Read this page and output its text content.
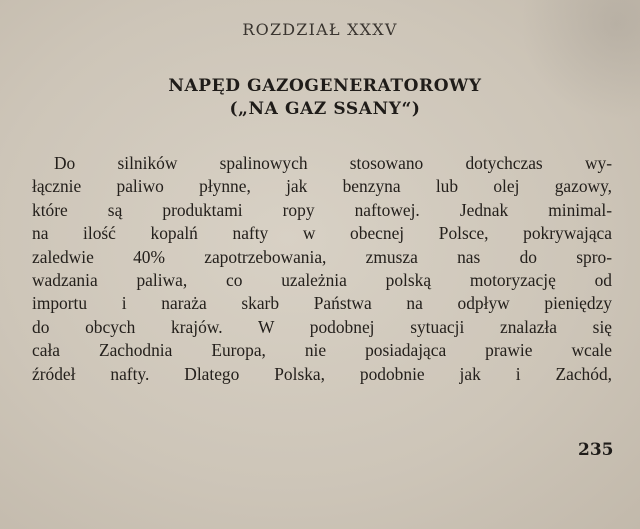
ROZDZIAŁ XXXV
NAPĘD GAZOGENERATOROWY
(„NA GAZ SSANY“)
Do silników spalinowych stosowano dotychczas wy-
łącznie paliwo płynne, jak benzyna lub olej gazowy,
które są produktami ropy naftowej. Jednak minimal-
na ilość kopalń nafty w obecnej Polsce, pokrywająca
zaledwie 40% zapotrzebowania, zmusza nas do spro-
wadzania paliwa, co uzależnia polską motoryzację od
importu i naraża skarb Państwa na odpływ pieniędzy
do obcych krajów. W podobnej sytuacji znalazła się
cała Zachodnia Europa, nie posiadająca prawie wcale
źródeł nafty. Dlatego Polska, podobnie jak i Zachód,
235
